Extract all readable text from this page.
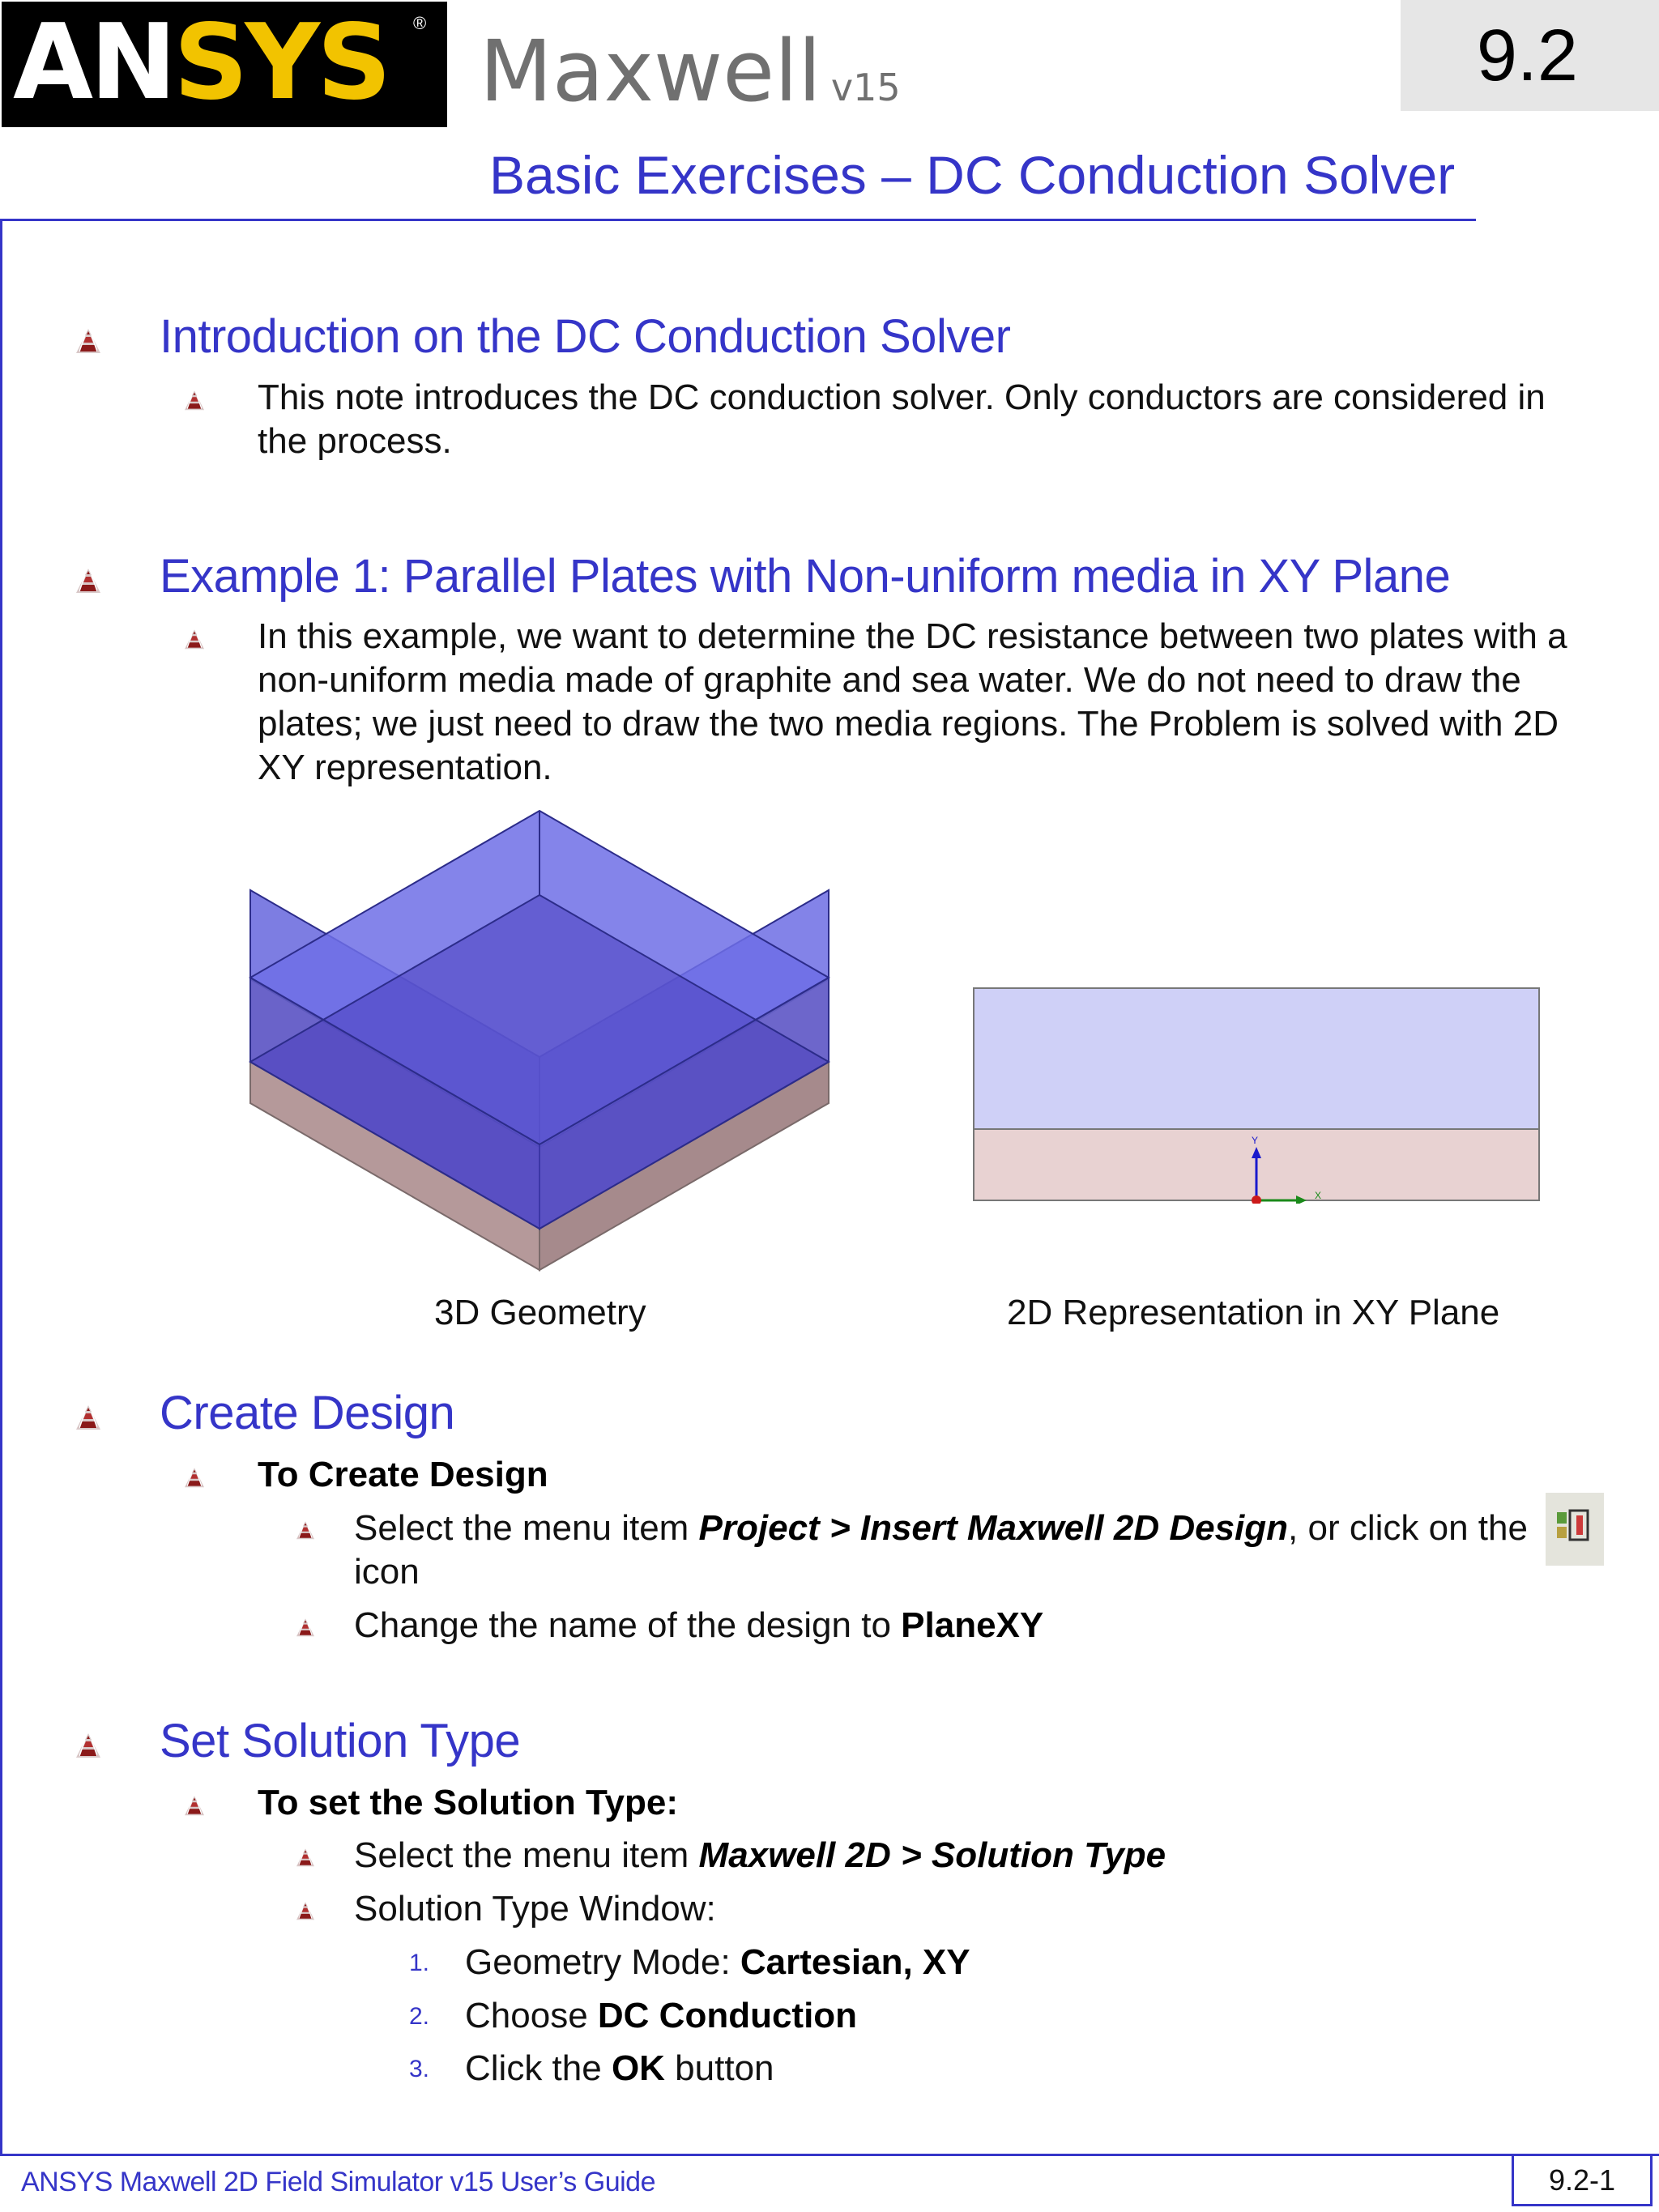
ANSYS ® Maxwell v15	9.2
Basic Exercises – DC Conduction Solver
Introduction on the DC Conduction Solver
This note introduces the DC conduction solver. Only conductors are considered in the process.
Example 1: Parallel Plates with Non-uniform media in XY Plane
In this example, we want to determine the DC resistance between two plates with a non-uniform media made of graphite and sea water. We do not need to draw the plates; we just need to draw the two media regions. The Problem is solved with 2D XY representation.
3D Geometry
Y
X
2D Representation in XY Plane
Create Design
To Create Design
Select the menu item Project > Insert Maxwell 2D Design, or click on the
icon
Change the name of the design to PlaneXY
Set Solution Type
To set the Solution Type:
Select the menu item Maxwell 2D > Solution Type
Solution Type Window:
1. Geometry Mode: Cartesian, XY
2. Choose DC Conduction
3. Click the OK button
ANSYS Maxwell 2D Field Simulator v15 User’s Guide	9.2-1
